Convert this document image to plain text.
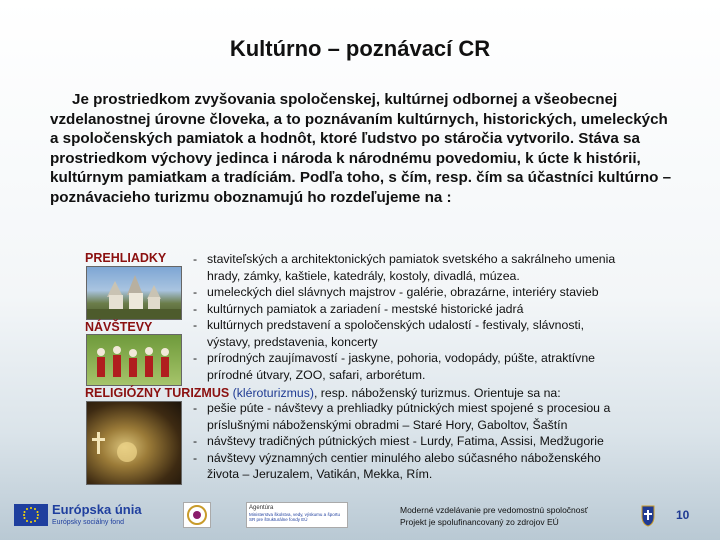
Kultúrno – poznávací CR
Je prostriedkom zvyšovania spoločenskej, kultúrnej odbornej a všeobecnej vzdelanostnej úrovne človeka, a to poznávaním kultúrnych, historických, umeleckých a spoločenských pamiatok a hodnôt, ktoré ľudstvo po stáročia vytvorilo. Stáva sa prostriedkom výchovy jedinca i národa k národnému povedomiu, k úcte k histórii, kultúrnym pamiatkam a tradíciám. Podľa toho, s čím, resp. čím sa účastníci kultúrno – poznávacieho turizmu oboznamujú ho rozdeľujeme na :
PREHLIADKY
NÁVŠTEVY
- staviteľských a architektonických pamiatok svetského a sakrálneho umenia
hrady, zámky, kaštiele, katedrály, kostoly, divadlá, múzea.
- umeleckých diel slávnych majstrov - galérie, obrazárne, interiéry stavieb
- kultúrnych pamiatok a zariadení - mestské historické jadrá
- kultúrnych predstavení a spoločenských udalostí - festivaly, slávnosti,
výstavy, predstavenia, koncerty
- prírodných zaujímavostí - jaskyne, pohoria, vodopády, púšte, atraktívne
prírodné útvary, ZOO, safari, arborétum.
RELIGIÓZNY TURIZMUS (kléroturizmus), resp. náboženský turizmus. Orientuje sa na:
- pešie púte - návštevy a prehliadky pútnických miest spojené s procesiou a
príslušnými náboženskými obradmi – Staré Hory, Gaboltov, Šaštín
- návštevy tradičných pútnických miest - Lurdy, Fatima, Assisi, Medžugorie
- návštevy významných centier minulého alebo súčasného náboženského
života – Jeruzalem, Vatikán, Mekka, Rím.
Európska únia
Európsky sociálny fond
Agentúra
Ministerstva školstva, vedy, výskumu a športu SR pre štrukturálne fondy EÚ
Moderné vzdelávanie pre vedomostnú spoločnosť
Projekt je spolufinancovaný zo zdrojov EÚ	10
